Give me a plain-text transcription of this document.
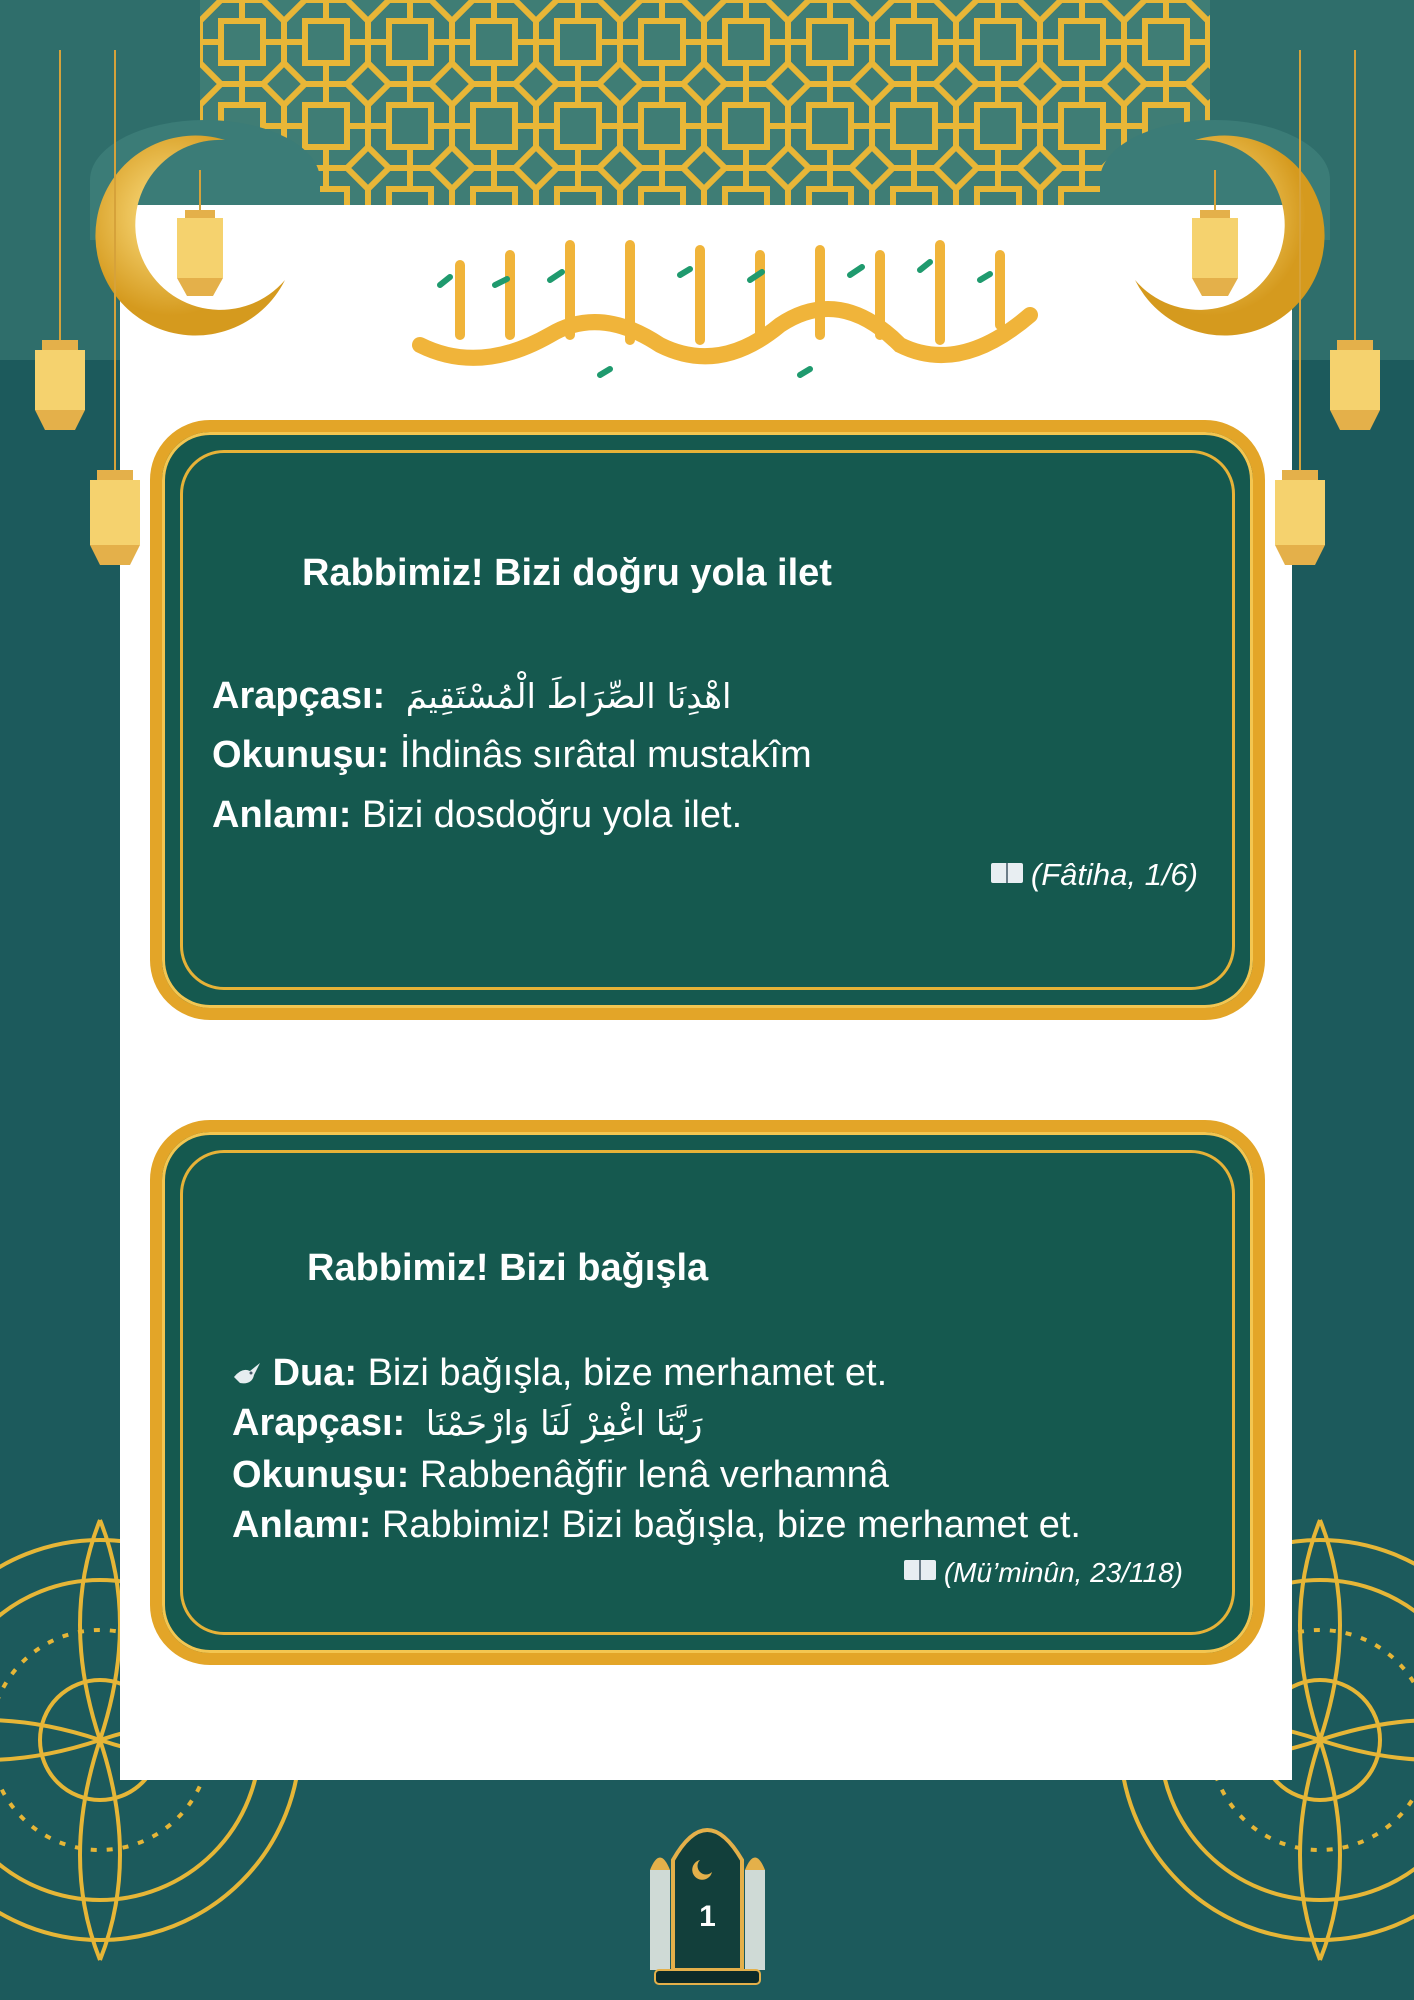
Rabbimiz! Bizi doğru yola ilet
Arapçası: اهْدِنَا الصِّرَاطَ الْمُسْتَقِيمَ
Okunuşu: İhdinâs sırâtal mustakîm
Anlamı: Bizi dosdoğru yola ilet.
(Fâtiha, 1/6)
Rabbimiz! Bizi bağışla
Dua: Bizi bağışla, bize merhamet et.
Arapçası: رَبَّنَا اغْفِرْ لَنَا وَارْحَمْنَا
Okunuşu: Rabbenâğfir lenâ verhamnâ
Anlamı: Rabbimiz! Bizi bağışla, bize merhamet et.
(Mü’minûn, 23/118)
1
